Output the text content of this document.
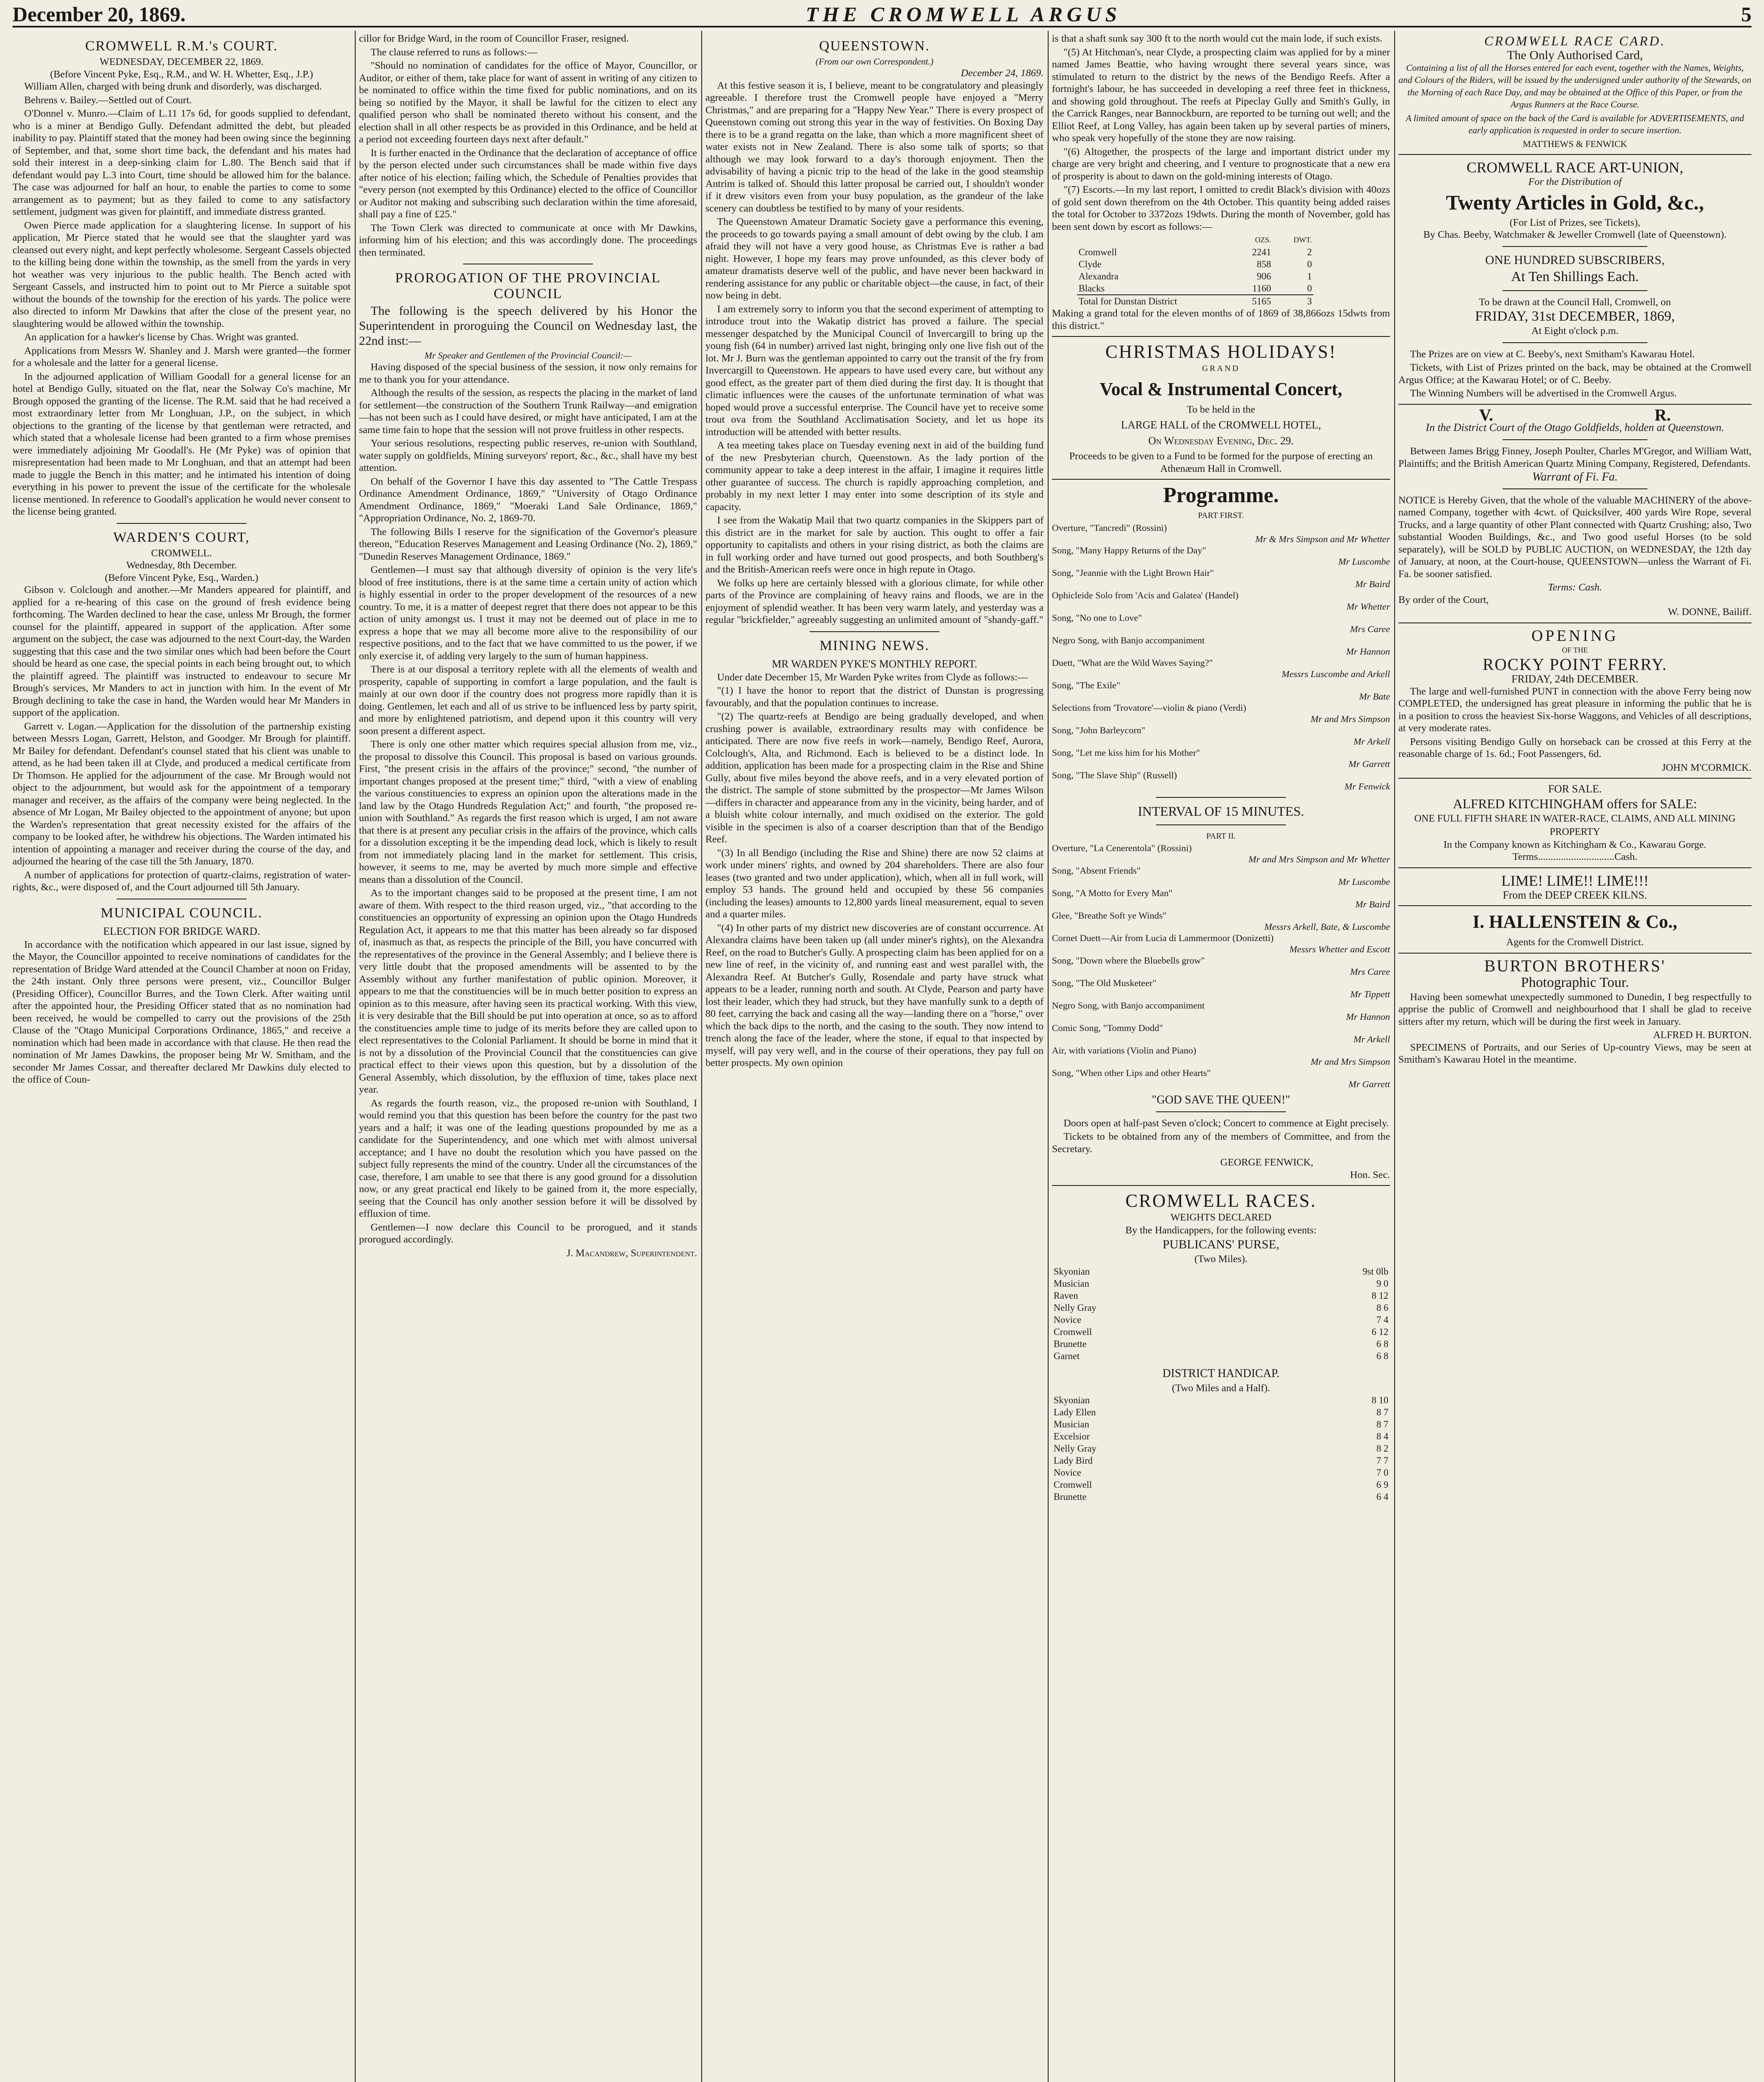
December 20, 1869.	THE CROMWELL ARGUS	5
CROMWELL R.M.'s COURT.
WEDNESDAY, DECEMBER 22, 1869.
(Before Vincent Pyke, Esq., R.M., and W. H. Whetter, Esq., J.P.)

William Allen, charged with being drunk and disorderly, was discharged.

Behrens v. Bailey.—Settled out of Court.

O'Donnel v. Munro.—Claim of L.11 17s 6d, for goods supplied to defendant, who is a miner at Bendigo Gully. Defendant admitted the debt, but pleaded inability to pay. Plaintiff stated that the money had been owing since the beginning of September, and that, some short time back, the defendant and his mates had sold their interest in a deep-sinking claim for L.80. The Bench said that if defendant would pay L.3 into Court, time should be allowed him for the balance. The case was adjourned for half an hour, to enable the parties to come to some arrangement as to payment; but as they failed to come to any satisfactory settlement, judgment was given for plaintiff, and immediate distress granted.

Owen Pierce made application for a slaughtering license. In support of his application, Mr Pierce stated that he would see that the slaughter yard was cleansed out every night, and kept perfectly wholesome. Sergeant Cassels objected to the killing being done within the township, as the smell from the yards in very hot weather was very injurious to the public health. The Bench acted with Sergeant Cassels, and instructed him to point out to Mr Pierce a suitable spot without the bounds of the township for the erection of his yards. The police were also directed to inform Mr Dawkins that after the close of the present year, no slaughtering would be allowed within the township.

An application for a hawker's license by Chas. Wright was granted.

Applications from Messrs W. Shanley and J. Marsh were granted—the former for a wholesale and the latter for a general license.

In the adjourned application of William Goodall for a general license for an hotel at Bendigo Gully, situated on the flat, near the Solway Co's machine, Mr Brough opposed the granting of the license. The R.M. said that he had received a most extraordinary letter from Mr Longhuan, J.P., on the subject, in which objections to the granting of the license by that gentleman were retracted, and which stated that a wholesale license had been granted to a firm whose premises were immediately adjoining Mr Goodall's. He (Mr Pyke) was of opinion that misrepresentation had been made to Mr Longhuan, and that an attempt had been made to juggle the Bench in this matter; and he intimated his intention of doing everything in his power to prevent the issue of the certificate for the wholesale license mentioned. In reference to Goodall's application he would never consent to the license being granted.

WARDEN'S COURT,
CROMWELL.
Wednesday, 8th December.
(Before Vincent Pyke, Esq., Warden.)

Gibson v. Colclough and another.—Mr Manders appeared for plaintiff, and applied for a re-hearing of this case on the ground of fresh evidence being forthcoming. The Warden declined to hear the case, unless Mr Brough, the former counsel for the plaintiff, appeared in support of the application. After some argument on the subject, the case was adjourned to the next Court-day, the Warden suggesting that this case and the two similar ones which had been before the Court should be heard as one case, the special points in each being brought out, to which the plaintiff agreed. The plaintiff was instructed to endeavour to secure Mr Brough's services, Mr Manders to act in junction with him. In the event of Mr Brough declining to take the case in hand, the Warden would hear Mr Manders in support of the application.

Garrett v. Logan.—Application for the dissolution of the partnership existing between Messrs Logan, Garrett, Helston, and Goodger. Mr Brough for plaintiff. Mr Bailey for defendant. Defendant's counsel stated that his client was unable to attend, as he had been taken ill at Clyde, and produced a medical certificate from Dr Thomson. He applied for the adjournment of the case. Mr Brough would not object to the adjournment, but would ask for the appointment of a temporary manager and receiver, as the affairs of the company were being neglected. In the absence of Mr Logan, Mr Bailey objected to the appointment of anyone; but upon the Warden's representation that great necessity existed for the affairs of the company to be looked after, he withdrew his objections. The Warden intimated his intention of appointing a manager and receiver during the course of the day, and adjourned the hearing of the case till the 5th January, 1870.

A number of applications for protection of quartz-claims, registration of water-rights, &c., were disposed of, and the Court adjourned till 5th January.

MUNICIPAL COUNCIL.
ELECTION FOR BRIDGE WARD.

In accordance with the notification which appeared in our last issue, signed by the Mayor, the Councillor appointed to receive nominations of candidates for the representation of Bridge Ward attended at the Council Chamber at noon on Friday, the 24th instant. Only three persons were present, viz., Councillor Bulger (Presiding Officer), Councillor Burres, and the Town Clerk. After waiting until after the appointed hour, the Presiding Officer stated that as no nomination had been received, he would be compelled to carry out the provisions of the 25th Clause of the "Otago Municipal Corporations Ordinance, 1865," and receive a nomination which had been made in accordance with that clause. He then read the nomination of Mr James Dawkins, the proposer being Mr W. Smitham, and the seconder Mr James Cossar, and thereafter declared Mr Dawkins duly elected to the office of Coun-

cillor for Bridge Ward, in the room of Councillor Fraser, resigned.

The clause referred to runs as follows:—

"Should no nomination of candidates for the office of Mayor, Councillor, or Auditor, or either of them, take place for want of assent in writing of any citizen to be nominated to office within the time fixed for public nominations, and on its being so notified by the Mayor, it shall be lawful for the citizen to elect any qualified person who shall be nominated thereto without his consent, and the election shall in all other respects be as provided in this Ordinance, and be held at a period not exceeding fourteen days next after default."

It is further enacted in the Ordinance that the declaration of acceptance of office by the person elected under such circumstances shall be made within five days after notice of his election; failing which, the Schedule of Penalties provides that "every person (not exempted by this Ordinance) elected to the office of Councillor or Auditor not making and subscribing such declaration within the time aforesaid, shall pay a fine of £25."

The Town Clerk was directed to communicate at once with Mr Dawkins, informing him of his election; and this was accordingly done. The proceedings then terminated.

PROROGATION OF THE PROVINCIAL COUNCIL

The following is the speech delivered by his Honor the Superintendent in proroguing the Council on Wednesday last, the 22nd inst:—

Mr Speaker and Gentlemen of the Provincial Council:—

Having disposed of the special business of the session, it now only remains for me to thank you for your attendance.

Although the results of the session, as respects the placing in the market of land for settlement—the construction of the Southern Trunk Railway—and emigration—has not been such as I could have desired, or might have anticipated, I am at the same time fain to hope that the session will not prove fruitless in other respects.

Your serious resolutions, respecting public reserves, re-union with Southland, water supply on goldfields, Mining surveyors' report, &c., &c., shall have my best attention.

On behalf of the Governor I have this day assented to "The Cattle Trespass Ordinance Amendment Ordinance, 1869," "University of Otago Ordinance Amendment Ordinance, 1869," "Moeraki Land Sale Ordinance, 1869," "Appropriation Ordinance, No. 2, 1869-70.

The following Bills I reserve for the signification of the Governor's pleasure thereon, "Education Reserves Management and Leasing Ordinance (No. 2), 1869," "Dunedin Reserves Management Ordinance, 1869."

Gentlemen—I must say that although diversity of opinion is the very life's blood of free institutions, there is at the same time a certain unity of action which is highly essential in order to the proper development of the resources of a new country. To me, it is a matter of deepest regret that there does not appear to be this action of unity amongst us. I trust it may not be deemed out of place in me to express a hope that we may all become more alive to the responsibility of our respective positions, and to the fact that we have committed to us the power, if we only exercise it, of adding very largely to the sum of human happiness.

There is at our disposal a territory replete with all the elements of wealth and prosperity, capable of supporting in comfort a large population, and the fault is mainly at our own door if the country does not progress more rapidly than it is doing. Gentlemen, let each and all of us strive to be influenced less by party spirit, and more by enlightened patriotism, and depend upon it this country will very soon present a different aspect.

There is only one other matter which requires special allusion from me, viz., the proposal to dissolve this Council. This proposal is based on various grounds. First, "the present crisis in the affairs of the province;" second, "the number of important changes proposed at the present time;" third, "with a view of enabling the various constituencies to express an opinion upon the alterations made in the land law by the Otago Hundreds Regulation Act;" and fourth, "the proposed re-union with Southland." As regards the first reason which is urged, I am not aware that there is at present any peculiar crisis in the affairs of the province, which calls for a dissolution excepting it be the impending dead lock, which is likely to result from not immediately placing land in the market for settlement. This crisis, however, it seems to me, may be averted by much more simple and effective means than a dissolution of the Council.

As to the important changes said to be proposed at the present time, I am not aware of them. With respect to the third reason urged, viz., "that according to the constituencies an opportunity of expressing an opinion upon the Otago Hundreds Regulation Act, it appears to me that this matter has been already so far disposed of, inasmuch as that, as respects the principle of the Bill, you have concurred with the representatives of the province in the General Assembly; and I believe there is very little doubt that the proposed amendments will be assented to by the Assembly without any further manifestation of public opinion. Moreover, it appears to me that the constituencies will be in much better position to express an opinion as to this measure, after having seen its practical working. With this view, it is very desirable that the Bill should be put into operation at once, so as to afford the constituencies ample time to judge of its merits before they are called upon to elect representatives to the Colonial Parliament. It should be borne in mind that it is not by a dissolution of the Provincial Council that the constituencies can give practical effect to their views upon this question, but by a dissolution of the General Assembly, which dissolution, by the effluxion of time, takes place next year.

As regards the fourth reason, viz., the proposed re-union with Southland, I would remind you that this question has been before the country for the past two years and a half; it was one of the leading questions propounded by me as a candidate for the Superintendency, and one which met with almost universal acceptance; and I have no doubt the resolution which you have passed on the subject fully represents the mind of the country. Under all the circumstances of the case, therefore, I am unable to see that there is any good ground for a dissolution now, or any great practical end likely to be gained from it, the more especially, seeing that the Council has only another session before it will be dissolved by effluxion of time.

Gentlemen—I now declare this Council to be prorogued, and it stands prorogued accordingly.

J. Macandrew, Superintendent.
QUEENSTOWN.
(From our own Correspondent.)
December 24, 1869.

At this festive season it is, I believe, meant to be congratulatory and pleasingly agreeable. I therefore trust the Cromwell people have enjoyed a "Merry Christmas," and are preparing for a "Happy New Year." There is every prospect of Queenstown coming out strong this year in the way of festivities. On Boxing Day there is to be a grand regatta on the lake, than which a more magnificent sheet of water exists not in New Zealand. There is also some talk of sports; so that although we may look forward to a day's thorough enjoyment. Then the advisability of having a picnic trip to the head of the lake in the good steamship Antrim is talked of. Should this latter proposal be carried out, I shouldn't wonder if it drew visitors even from your busy population, as the grandeur of the lake scenery can doubtless be testified to by many of your residents.

The Queenstown Amateur Dramatic Society gave a performance this evening, the proceeds to go towards paying a small amount of debt owing by the club. I am afraid they will not have a very good house, as Christmas Eve is rather a bad night. However, I hope my fears may prove unfounded, as this clever body of amateur dramatists deserve well of the public, and have never been backward in rendering assistance for any public or charitable object—the cause, in fact, of their now being in debt.

I am extremely sorry to inform you that the second experiment of attempting to introduce trout into the Wakatip district has proved a failure. The special messenger despatched by the Municipal Council of Invercargill to bring up the young fish (64 in number) arrived last night, bringing only one live fish out of the lot. Mr J. Burn was the gentleman appointed to carry out the transit of the fry from Invercargill to Queenstown. He appears to have used every care, but without any good effect, as the greater part of them died during the first day. It is thought that climatic influences were the causes of the unfortunate termination of what was hoped would prove a successful enterprise. The Council have yet to receive some trout ova from the Southland Acclimatisation Society, and let us hope its introduction will be attended with better results.

A tea meeting takes place on Tuesday evening next in aid of the building fund of the new Presbyterian church, Queenstown. As the lady portion of the community appear to take a deep interest in the affair, I imagine it requires little other guarantee of success. The church is rapidly approaching completion, and probably in my next letter I may enter into some description of its style and capacity.

I see from the Wakatip Mail that two quartz companies in the Skippers part of this district are in the market for sale by auction. This ought to offer a fair opportunity to capitalists and others in your rising district, as both the claims are in full working order and have turned out good prospects, and both Southberg's and the British-American reefs were once in high repute in Otago.

We folks up here are certainly blessed with a glorious climate, for while other parts of the Province are complaining of heavy rains and floods, we are in the enjoyment of splendid weather. It has been very warm lately, and yesterday was a regular "brickfielder," agreeably suggesting an unlimited amount of "shandy-gaff."

MINING NEWS.
MR WARDEN PYKE'S MONTHLY REPORT.

Under date December 15, Mr Warden Pyke writes from Clyde as follows:—

"(1) I have the honor to report that the district of Dunstan is progressing favourably, and that the population continues to increase.

"(2) The quartz-reefs at Bendigo are being gradually developed, and when crushing power is available, extraordinary results may with confidence be anticipated. There are now five reefs in work—namely, Bendigo Reef, Aurora, Colclough's, Alta, and Richmond. Each is believed to be a distinct lode. In addition, application has been made for a prospecting claim in the Rise and Shine Gully, about five miles beyond the above reefs, and in a very elevated portion of the district. The sample of stone submitted by the prospector—Mr James Wilson—differs in character and appearance from any in the vicinity, being harder, and of a bluish white colour internally, and much oxidised on the exterior. The gold visible in the specimen is also of a coarser description than that of the Bendigo Reef.

"(3) In all Bendigo (including the Rise and Shine) there are now 52 claims at work under miners' rights, and owned by 204 shareholders. There are also four leases (two granted and two under application), which, when all in full work, will employ 53 hands. The ground held and occupied by these 56 companies (including the leases) amounts to 12,800 yards lineal measurement, equal to seven and a quarter miles.

"(4) In other parts of my district new discoveries are of constant occurrence. At Alexandra claims have been taken up (all under miner's rights), on the Alexandra Reef, on the road to Butcher's Gully. A prospecting claim has been applied for on a new line of reef, in the vicinity of, and running east and west parallel with, the Alexandra Reef. At Butcher's Gully, Rosendale and party have struck what appears to be a leader, running north and south. At Clyde, Pearson and party have lost their leader, which they had struck, but they have manfully sunk to a depth of 80 feet, carrying the back and casing all the way—landing there on a "horse," over which the back dips to the north, and the casing to the south. They now intend to trench along the face of the leader, where the stone, if equal to that inspected by myself, will pay very well, and in the course of their operations, they pay full on better prospects. My own opinion

is that a shaft sunk say 300 ft to the north would cut the main lode, if such exists.

"(5) At Hitchman's, near Clyde, a prospecting claim was applied for by a miner named James Beattie, who having wrought there several years since, was stimulated to return to the district by the news of the Bendigo Reefs. After a fortnight's labour, he has succeeded in developing a reef three feet in thickness, and showing gold throughout. The reefs at Pipeclay Gully and Smith's Gully, in the Carrick Ranges, near Bannockburn, are reported to be turning out well; and the Elliot Reef, at Long Valley, has again been taken up by several parties of miners, who speak very hopefully of the stone they are now raising.

"(6) Altogether, the prospects of the large and important district under my charge are very bright and cheering, and I venture to prognosticate that a new era of prosperity is about to dawn on the gold-mining interests of Otago.

"(7) Escorts.—In my last report, I omitted to credit Black's division with 40ozs of gold sent down therefrom on the 4th October. This quantity being added raises the total for October to 3372ozs 19dwts. During the month of November, gold has been sent down by escort as follows:—

	OZS.	DWT.
Cromwell	2241	2
Clyde	858	0
Alexandra	906	1
Blacks	1160	0
Total for Dunstan District	5165	3

Making a grand total for the eleven months of of 1869 of 38,866ozs 15dwts from this district."

CHRISTMAS HOLIDAYS!
GRAND
Vocal & Instrumental Concert,
To be held in the
LARGE HALL of the CROMWELL HOTEL,
On Wednesday Evening, Dec. 29.

Proceeds to be given to a Fund to be formed for the purpose of erecting an Athenæum Hall in Cromwell.

Programme.
PART FIRST.
Overture, "Tancredi" (Rossini)
Mr & Mrs Simpson and Mr Whetter
Song, "Many Happy Returns of the Day"
Mr Luscombe
Song, "Jeannie with the Light Brown Hair"
Mr Baird
Ophicleide Solo from 'Acis and Galatea' (Handel)
Mr Whetter
Song, "No one to Love"
Mrs Caree
Negro Song, with Banjo accompaniment
Mr Hannon
Duett, "What are the Wild Waves Saying?"
Messrs Luscombe and Arkell
Song, "The Exile"
Mr Bate
Selections from 'Trovatore'—violin & piano (Verdi)
Mr and Mrs Simpson
Song, "John Barleycorn"
Mr Arkell
Song, "Let me kiss him for his Mother"
Mr Garrett
Song, "The Slave Ship" (Russell)
Mr Fenwick
INTERVAL OF 15 MINUTES.
PART II.
Overture, "La Cenerentola" (Rossini)
Mr and Mrs Simpson and Mr Whetter
Song, "Absent Friends"
Mr Luscombe
Song, "A Motto for Every Man"
Mr Baird
Glee, "Breathe Soft ye Winds"
Messrs Arkell, Bate, & Luscombe
Cornet Duett—Air from Lucia di Lammermoor (Donizetti)
Messrs Whetter and Escott
Song, "Down where the Bluebells grow"
Mrs Caree
Song, "The Old Musketeer"
Mr Tippett
Negro Song, with Banjo accompaniment
Mr Hannon
Comic Song, "Tommy Dodd"
Mr Arkell
Air, with variations (Violin and Piano)
Mr and Mrs Simpson
Song, "When other Lips and other Hearts"
Mr Garrett
"GOD SAVE THE QUEEN!"

Doors open at half-past Seven o'clock; Concert to commence at Eight precisely.

Tickets to be obtained from any of the members of Committee, and from the Secretary.

GEORGE FENWICK,
Hon. Sec.
CROMWELL RACES.
WEIGHTS DECLARED
By the Handicappers, for the following events:
PUBLICANS' PURSE,
(Two Miles).
Skyonian	9st 0lb
Musician	9 0
Raven	8 12
Nelly Gray	8 6
Novice	7 4
Cromwell	6 12
Brunette	6 8
Garnet	6 8
DISTRICT HANDICAP.
(Two Miles and a Half).
Skyonian	8 10
Lady Ellen	8 7
Musician	8 7
Excelsior	8 4
Nelly Gray	8 2
Lady Bird	7 7
Novice	7 0
Cromwell	6 9
Brunette	6 4
CROMWELL RACE CARD.
The Only Authorised Card,

Containing a list of all the Horses entered for each event, together with the Names, Weights, and Colours of the Riders, will be issued by the undersigned under authority of the Stewards, on the Morning of each Race Day, and may be obtained at the Office of this Paper, or from the Argus Runners at the Race Course.

A limited amount of space on the back of the Card is available for ADVERTISEMENTS, and early application is requested in order to secure insertion.

MATTHEWS & FENWICK
CROMWELL RACE ART-UNION,
For the Distribution of
Twenty Articles in Gold, &c.,
(For List of Prizes, see Tickets),
By Chas. Beeby, Watchmaker & Jeweller Cromwell (late of Queenstown).
ONE HUNDRED SUBSCRIBERS,
At Ten Shillings Each.
To be drawn at the Council Hall, Cromwell, on
FRIDAY, 31st DECEMBER, 1869,
At Eight o'clock p.m.

The Prizes are on view at C. Beeby's, next Smitham's Kawarau Hotel.

Tickets, with List of Prizes printed on the back, may be obtained at the Cromwell Argus Office; at the Kawarau Hotel; or of C. Beeby.

The Winning Numbers will be advertised in the Cromwell Argus.

V.	R.

In the District Court of the Otago Goldfields, holden at Queenstown.

Between James Brigg Finney, Joseph Poulter, Charles M'Gregor, and William Watt, Plaintiffs; and the British American Quartz Mining Company, Registered, Defendants.

Warrant of Fi. Fa.

NOTICE is Hereby Given, that the whole of the valuable MACHINERY of the above-named Company, together with 4cwt. of Quicksilver, 400 yards Wire Rope, several Trucks, and a large quantity of other Plant connected with Quartz Crushing; also, Two substantial Wooden Buildings, &c., and Two good useful Horses (to be sold separately), will be SOLD by PUBLIC AUCTION, on WEDNESDAY, the 12th day of January, at noon, at the Court-house, QUEENSTOWN—unless the Warrant of Fi. Fa. be sooner satisfied.

Terms: Cash.
By order of the Court,
W. DONNE, Bailiff.
OPENING
OF THE
ROCKY POINT FERRY.
FRIDAY, 24th DECEMBER.

The large and well-furnished PUNT in connection with the above Ferry being now COMPLETED, the undersigned has great pleasure in informing the public that he is in a position to cross the heaviest Six-horse Waggons, and Vehicles of all descriptions, at very moderate rates.

Persons visiting Bendigo Gully on horseback can be crossed at this Ferry at the reasonable charge of 1s. 6d.; Foot Passengers, 6d.

JOHN M'CORMICK.
FOR SALE.
ALFRED KITCHINGHAM offers for SALE:
ONE FULL FIFTH SHARE IN WATER-RACE, CLAIMS, AND ALL MINING PROPERTY
In the Company known as Kitchingham & Co., Kawarau Gorge.
Terms..............................Cash.
LIME! LIME!! LIME!!!
From the DEEP CREEK KILNS.
I. HALLENSTEIN & Co.,
Agents for the Cromwell District.
BURTON BROTHERS'
Photographic Tour.

Having been somewhat unexpectedly summoned to Dunedin, I beg respectfully to apprise the public of Cromwell and neighbourhood that I shall be glad to receive sitters after my return, which will be during the first week in January.

ALFRED H. BURTON.

SPECIMENS of Portraits, and our Series of Up-country Views, may be seen at Smitham's Kawarau Hotel in the meantime.
